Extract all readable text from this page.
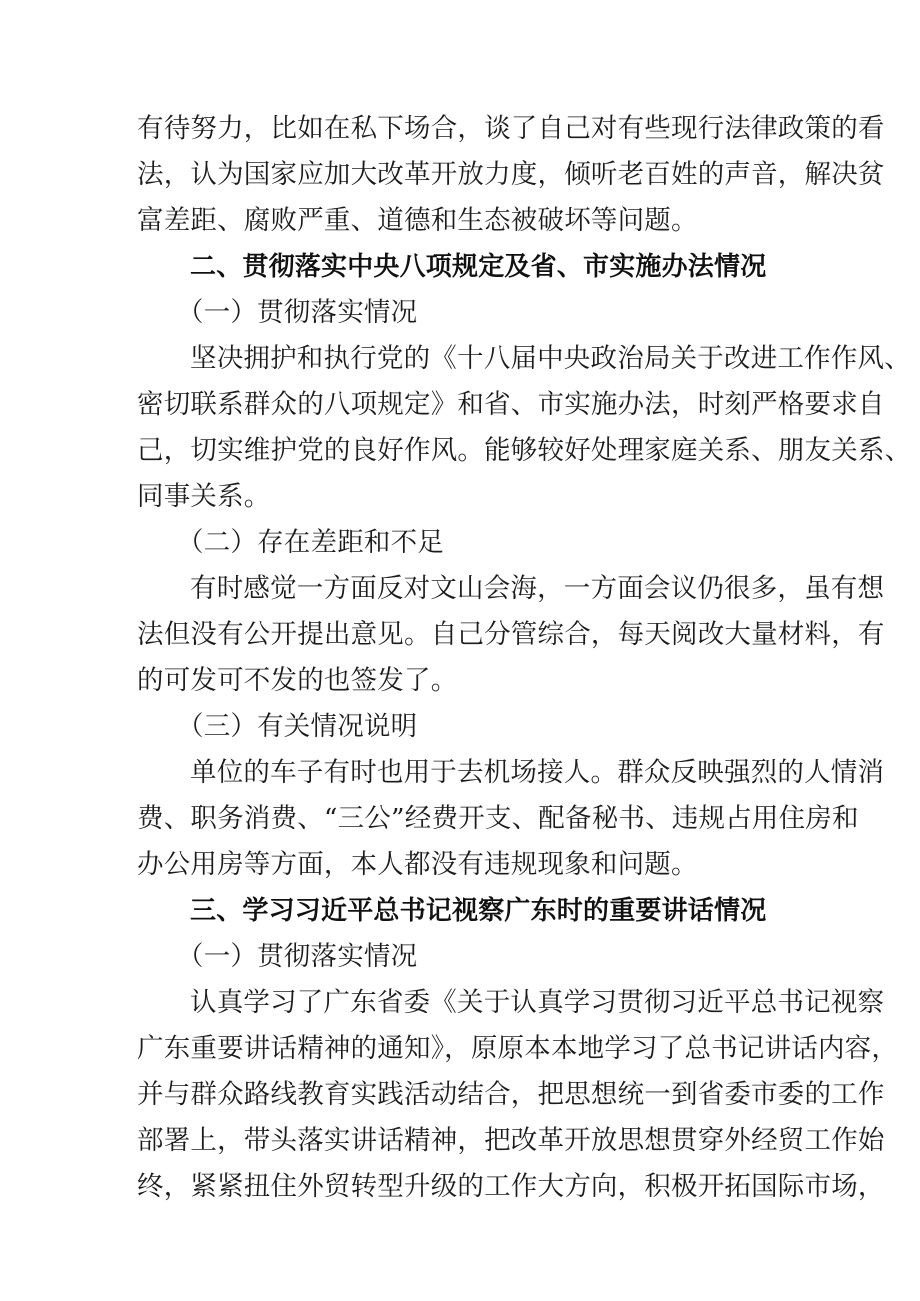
有待努力，比如在私下场合，谈了自己对有些现行法律政策的看
法，认为国家应加大改革开放力度，倾听老百姓的声音，解决贫
富差距、腐败严重、道德和生态被破坏等问题。
二、贯彻落实中央八项规定及省、市实施办法情况
（一）贯彻落实情况
坚决拥护和执行党的《十八届中央政治局关于改进工作作风、
密切联系群众的八项规定》和省、市实施办法，时刻严格要求自
己，切实维护党的良好作风。能够较好处理家庭关系、朋友关系、
同事关系。
（二）存在差距和不足
有时感觉一方面反对文山会海，一方面会议仍很多，虽有想
法但没有公开提出意见。自己分管综合，每天阅改大量材料，有
的可发可不发的也签发了。
（三）有关情况说明
单位的车子有时也用于去机场接人。群众反映强烈的人情消
费、职务消费、“三公”经费开支、配备秘书、违规占用住房和
办公用房等方面，本人都没有违规现象和问题。
三、学习习近平总书记视察广东时的重要讲话情况
（一）贯彻落实情况
认真学习了广东省委《关于认真学习贯彻习近平总书记视察
广东重要讲话精神的通知》，原原本本地学习了总书记讲话内容，
并与群众路线教育实践活动结合，把思想统一到省委市委的工作
部署上，带头落实讲话精神，把改革开放思想贯穿外经贸工作始
终，紧紧扭住外贸转型升级的工作大方向，积极开拓国际市场，
